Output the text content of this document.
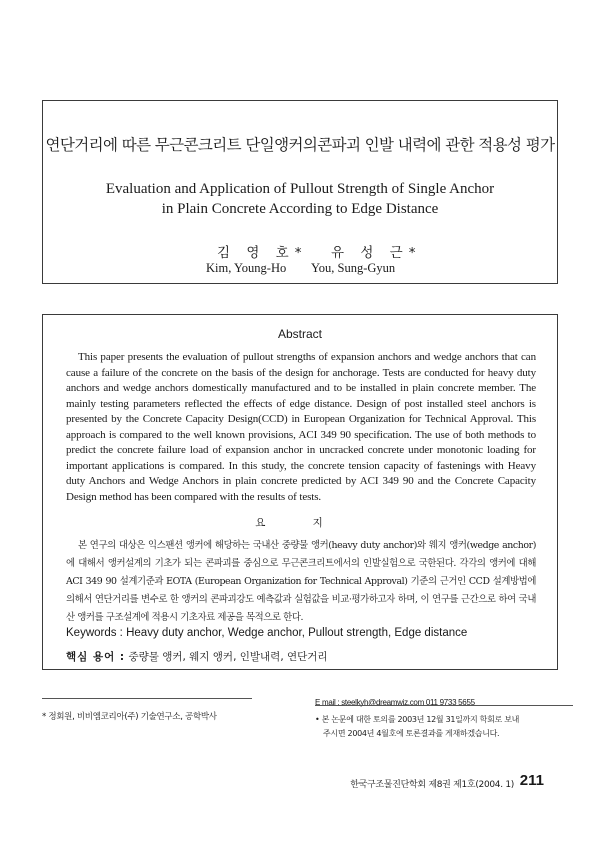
연단거리에 따른 무근콘크리트 단일앵커의콘파괴 인발 내력에 관한 적용성 평가
Evaluation and Application of Pullout Strength of Single Anchor
in Plain Concrete According to Edge Distance
김 영 호* 유 성 근*
Kim, Young-Ho You, Sung-Gyun
Abstract
This paper presents the evaluation of pullout strengths of expansion anchors and wedge anchors that can cause a failure of the concrete on the basis of the design for anchorage. Tests are conducted for heavy duty anchors and wedge anchors domestically manufactured and to be installed in plain concrete member. The mainly testing parameters reflected the effects of edge distance. Design of post installed steel anchors is presented by the Concrete Capacity Design(CCD) in European Organization for Technical Approval. This approach is compared to the well known provisions, ACI 349 90 specification. The use of both methods to predict the concrete failure load of expansion anchor in uncracked concrete under monotonic loading for important applications is compared. In this study, the concrete tension capacity of fastenings with Heavy duty Anchors and Wedge Anchors in plain concrete predicted by ACI 349 90 and the Concrete Capacity Design method has been compared with the results of tests.
요 지
본 연구의 대상은 익스팬션 앵커에 해당하는 국내산 중량물 앵커(heavy duty anchor)와 웨지 앵커(wedge anchor)에 대해서 앵커설계의 기초가 되는 콘파괴를 중심으로 무근콘크리트에서의 인발실험으로 국한된다. 각각의 앵커에 대해 ACI 349 90 설계기준과 EOTA (European Organization for Technical Approval) 기준의 근거인 CCD 설계방법에 의해서 연단거리를 변수로 한 앵커의 콘파괴강도 예측값과 실험값을 비교·평가하고자 하며, 이 연구를 근간으로 하여 국내산 앵커를 구조설계에 적용시 기초자료 제공을 목적으로 한다.
Keywords : Heavy duty anchor, Wedge anchor, Pullout strength, Edge distance
핵심 용어 : 중량물 앵커, 웨지 앵커, 인발내력, 연단거리
* 정회원, 비비엠코리아(주) 기술연구소, 공학박사
E mail : steelkyh@dreamwiz.com 011 9733 5655
• 본 논문에 대한 토의를 2003년 12월 31일까지 학회로 보내
주시면 2004년 4월호에 토론결과를 게재하겠습니다.
한국구조물진단학회 제8권 제1호(2004. 1) 211
